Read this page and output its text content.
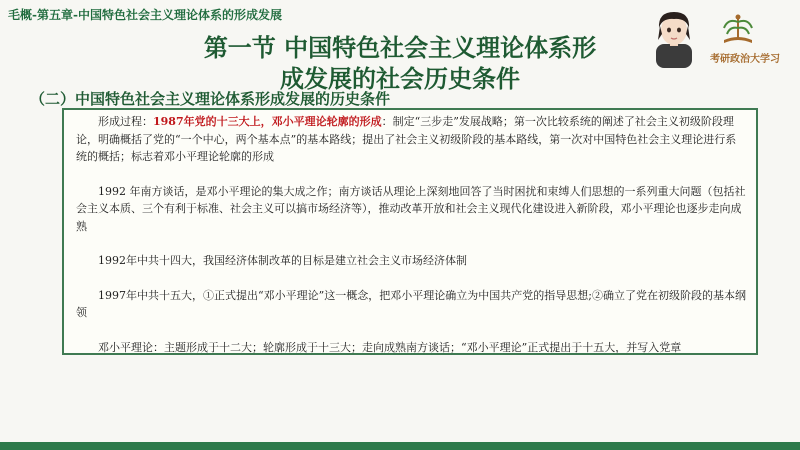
毛概-第五章-中国特色社会主义理论体系的形成发展
考研政治大学习
第一节 中国特色社会主义理论体系形
成发展的社会历史条件
（二）中国特色社会主义理论体系形成发展的历史条件

形成过程：1987年党的十三大上，邓小平理论轮廓的形成：制定“三步走”发展战略；第一次比较系统的阐述了社会主义初级阶段理论，明确概括了党的“一个中心，两个基本点”的基本路线；提出了社会主义初级阶段的基本路线，第一次对中国特色社会主义理论进行系统的概括；标志着邓小平理论轮廓的形成

1992 年南方谈话，是邓小平理论的集大成之作；南方谈话从理论上深刻地回答了当时困扰和束缚人们思想的一系列重大问题（包括社会主义本质、三个有利于标准、社会主义可以搞市场经济等），推动改革开放和社会主义现代化建设进入新阶段，邓小平理论也逐步走向成熟

1992年中共十四大，我国经济体制改革的目标是建立社会主义市场经济体制

1997年中共十五大，①正式提出“邓小平理论”这一概念，把邓小平理论确立为中国共产党的指导思想;②确立了党在初级阶段的基本纲领

邓小平理论：主题形成于十二大；轮廓形成于十三大；走向成熟南方谈话；“邓小平理论”正式提出于十五大，并写入党章
